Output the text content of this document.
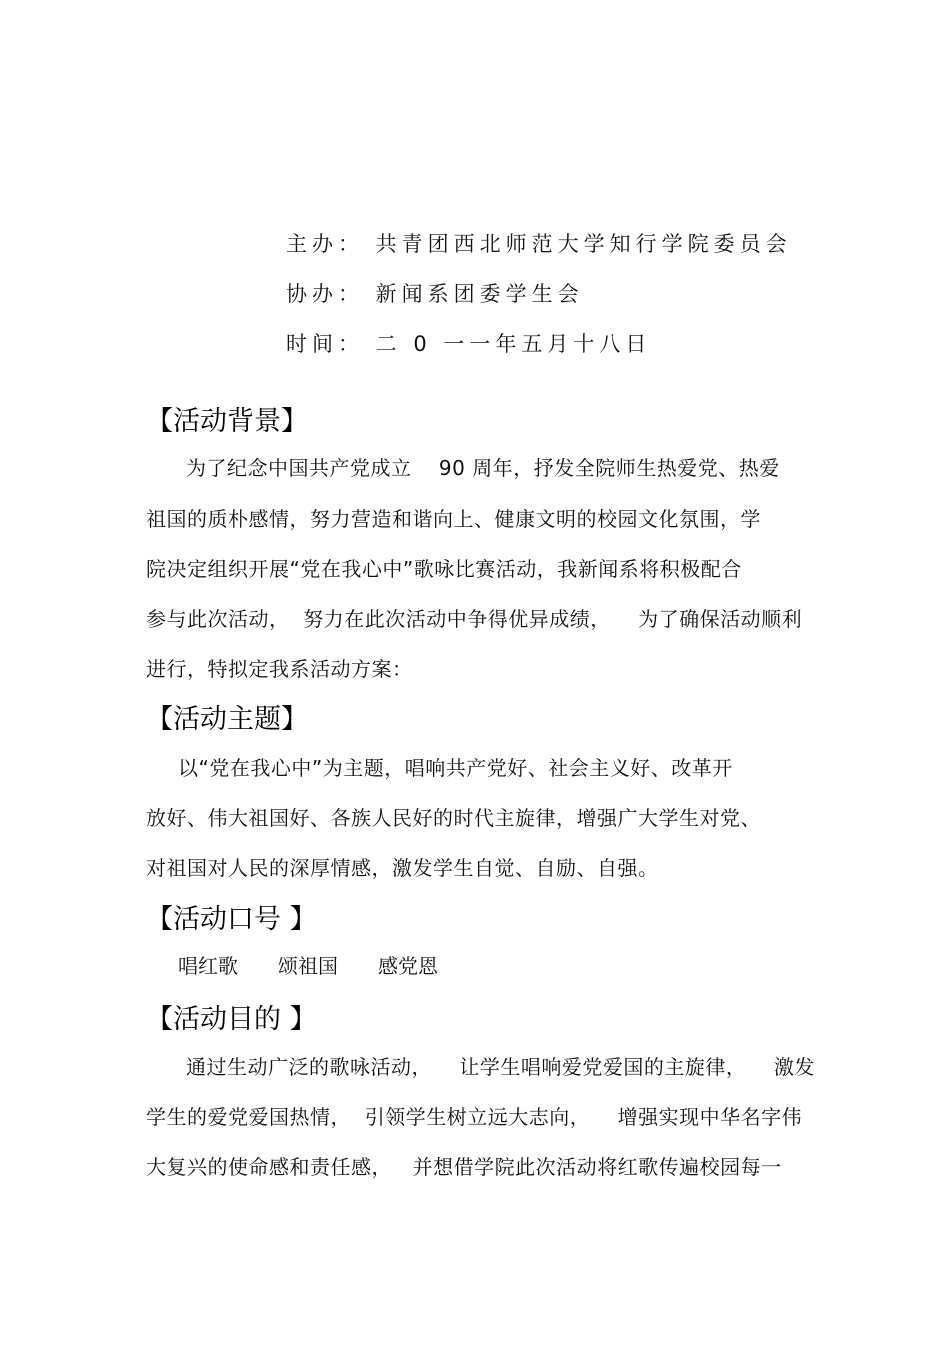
主办： 共青团西北师范大学知行学院委员会
协办： 新闻系团委学生会
时间： 二 0 一一年五月十八日
【活动背景】
为了纪念中国共产党成立    90 周年，抒发全院师生热爱党、热爱
祖国的质朴感情，努力营造和谐向上、健康文明的校园文化氛围，学
院决定组织开展“党在我心中”歌咏比赛活动，我新闻系将积极配合
参与此次活动，  努力在此次活动中争得优异成绩，    为了确保活动顺利
进行，特拟定我系活动方案：
【活动主题】
以“党在我心中”为主题，唱响共产党好、社会主义好、改革开
放好、伟大祖国好、各族人民好的时代主旋律，增强广大学生对党、
对祖国对人民的深厚情感，激发学生自觉、自励、自强。
【活动口号 】
唱红歌 颂祖国 感党恩
【活动目的 】
通过生动广泛的歌咏活动，    让学生唱响爱党爱国的主旋律，    激发
学生的爱党爱国热情，  引领学生树立远大志向，    增强实现中华名字伟
大复兴的使命感和责任感，   并想借学院此次活动将红歌传遍校园每一
